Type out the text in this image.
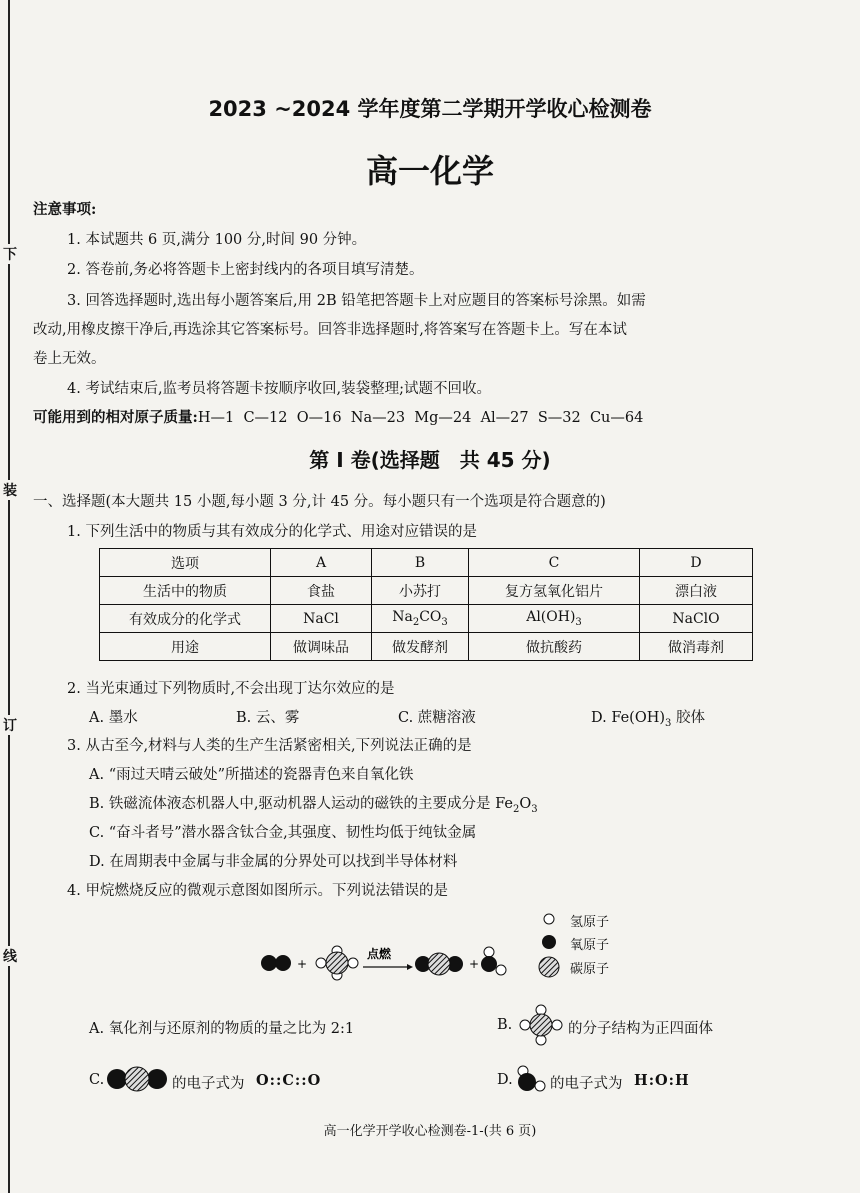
下
装
订
线
2023 ~2024 学年度第二学期开学收心检测卷
高一化学
注意事项:
1. 本试题共 6 页,满分 100 分,时间 90 分钟。
2. 答卷前,务必将答题卡上密封线内的各项目填写清楚。
3. 回答选择题时,选出每小题答案后,用 2B 铅笔把答题卡上对应题目的答案标号涂黑。如需
改动,用橡皮擦干净后,再选涂其它答案标号。回答非选择题时,将答案写在答题卡上。写在本试
卷上无效。
4. 考试结束后,监考员将答题卡按顺序收回,装袋整理;试题不回收。
可能用到的相对原子质量:H—1  C—12  O—16  Na—23  Mg—24  Al—27  S—32  Cu—64
第 I 卷(选择题　共 45 分)
一、选择题(本大题共 15 小题,每小题 3 分,计 45 分。每小题只有一个选项是符合题意的)
1. 下列生活中的物质与其有效成分的化学式、用途对应错误的是
选项	A	B	C	D
生活中的物质	食盐	小苏打	复方氢氧化铝片	漂白液
有效成分的化学式	NaCl	$Na_2CO_3$	$Al(OH)_3$	NaClO
用途	做调味品	做发酵剂	做抗酸药	做消毒剂
2. 当光束通过下列物质时,不会出现丁达尔效应的是
A. 墨水	B. 云、雾	C. 蔗糖溶液	D. $Fe(OH)_3$ 胶体
3. 从古至今,材料与人类的生产生活紧密相关,下列说法正确的是
A. “雨过天晴云破处”所描述的瓷器青色来自氧化铁
B. 铁磁流体液态机器人中,驱动机器人运动的磁铁的主要成分是 $Fe_2O_3$
C. “奋斗者号”潜水器含钛合金,其强度、韧性均低于纯钛金属
D. 在周期表中金属与非金属的分界处可以找到半导体材料
4. 甲烷燃烧反应的微观示意图如图所示。下列说法错误的是
+
点燃
+
氢原子
氧原子
碳原子
A. 氧化剂与还原剂的物质的量之比为 2:1	B.	的分子结构为正四面体
C.	的电子式为 O::C::O	D.	的电子式为 H:O:H
高一化学开学收心检测卷-1-(共 6 页)
